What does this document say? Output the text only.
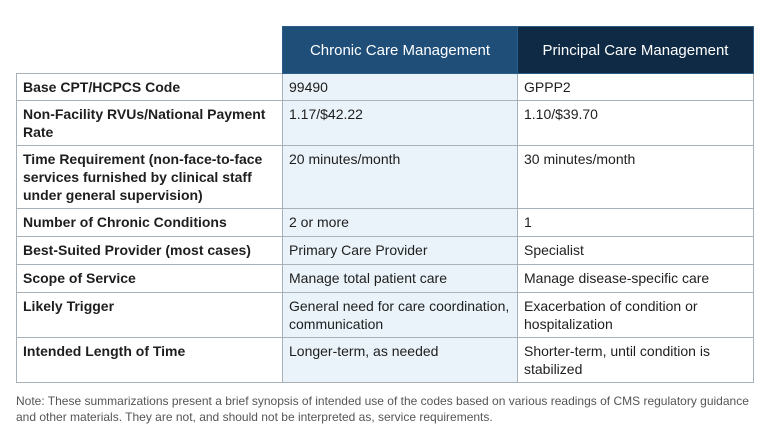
	Chronic Care Management	Principal Care Management
Base CPT/HCPCS Code	99490	GPPP2
Non-Facility RVUs/National Payment Rate	1.17/$42.22	1.10/$39.70
Time Requirement (non-face-to-face services furnished by clinical staff under general supervision)	20 minutes/month	30 minutes/month
Number of Chronic Conditions	2 or more	1
Best-Suited Provider (most cases)	Primary Care Provider	Specialist
Scope of Service	Manage total patient care	Manage disease-specific care
Likely Trigger	General need for care coordination, communication	Exacerbation of condition or hospitalization
Intended Length of Time	Longer-term, as needed	Shorter-term, until condition is stabilized

Note: These summarizations present a brief synopsis of intended use of the codes based on various readings of CMS regulatory guidance and other materials. They are not, and should not be interpreted as, service requirements.
